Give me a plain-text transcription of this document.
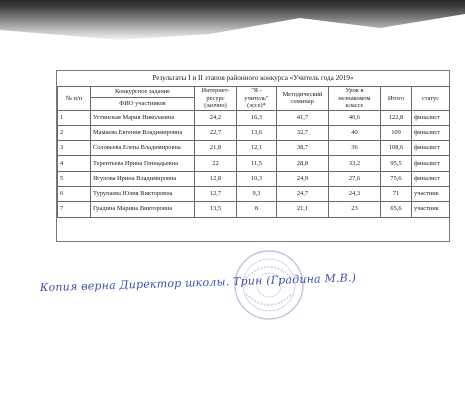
Результаты I и II этапов районного конкурса «Учитель года 2019»
№ п/п	Конкурсное задание	Интернет-ресурс (заочно)	"Я - учитель" (эссе)*	Методический семинар	Урок в незнакомом классе	Итого	статус
	ФИО участников						
1	Устинская Мария Николаевна	24,2	16,3	41,7	40,6	122,8	финалист
2	Мамаева Евгения Владимировна	22,7	13,6	32,7	40	109	финалист
3	Соловьева Елена Владимировна	21,8	12,1	38,7	36	108,6	финалист
4	Терентьева Ирина Геннадьевна	22	11,5	28,8	33,2	95,5	финалист
5	Ягупова Ирина Владимировна	12,8	10,3	24,9	27,6	75,6	финалист
6	Турупаева Юлия Викторовна	12,7	9,3	24,7	24,3	71	участник
7	Градина Марина Викторовна	13,5	8	21,1	23	65,6	участник
Копия верна Директор школы. Трин (Градина М.В.)
